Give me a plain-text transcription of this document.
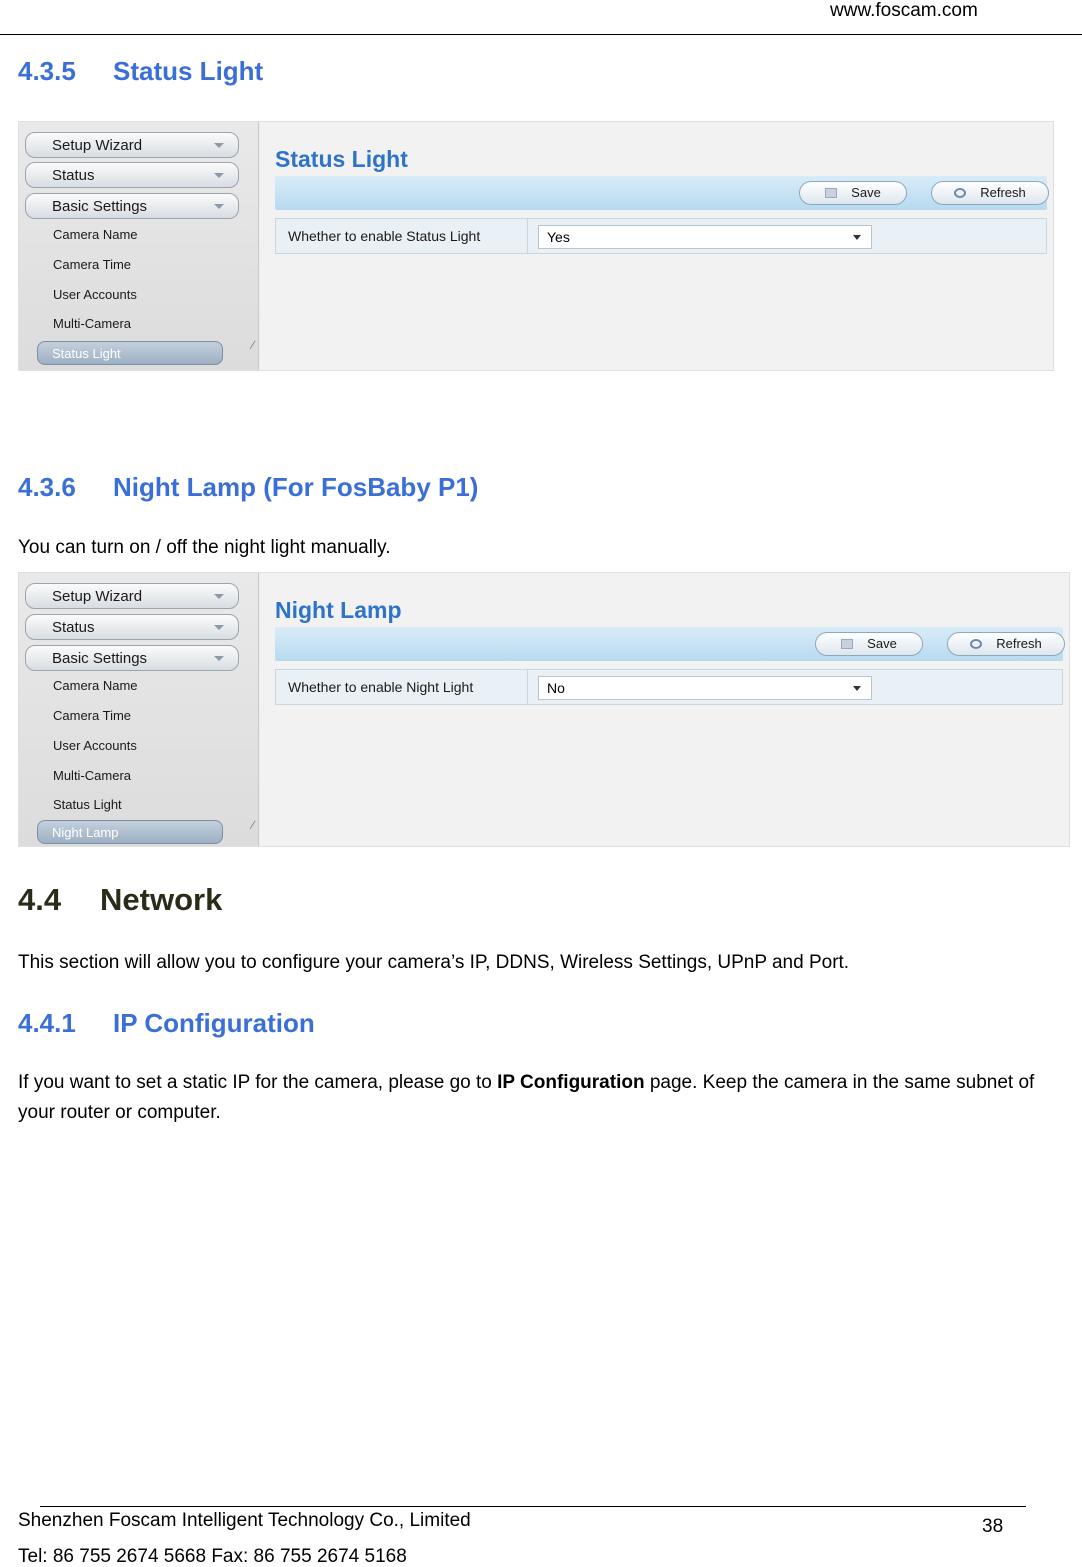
www.foscam.com
4.3.5 Status Light
Setup Wizard
Status
Basic Settings
Camera Name
Camera Time
User Accounts
Multi-Camera
Status Light
∕
Status Light
Save	Refresh
Whether to enable Status Light	Yes
4.3.6 Night Lamp (For FosBaby P1)
You can turn on / off the night light manually.
Setup Wizard
Status
Basic Settings
Camera Name
Camera Time
User Accounts
Multi-Camera
Status Light
Night Lamp	∕
Night Lamp
Save	Refresh
Whether to enable Night Light	No
4.4 Network
This section will allow you to configure your camera’s IP, DDNS, Wireless Settings, UPnP and Port.
4.4.1 IP Configuration
If you want to set a static IP for the camera, please go to IP Configuration page. Keep the camera in the same subnet of your router or computer.
Shenzhen Foscam Intelligent Technology Co., Limited	38
Tel: 86 755 2674 5668 Fax: 86 755 2674 5168
